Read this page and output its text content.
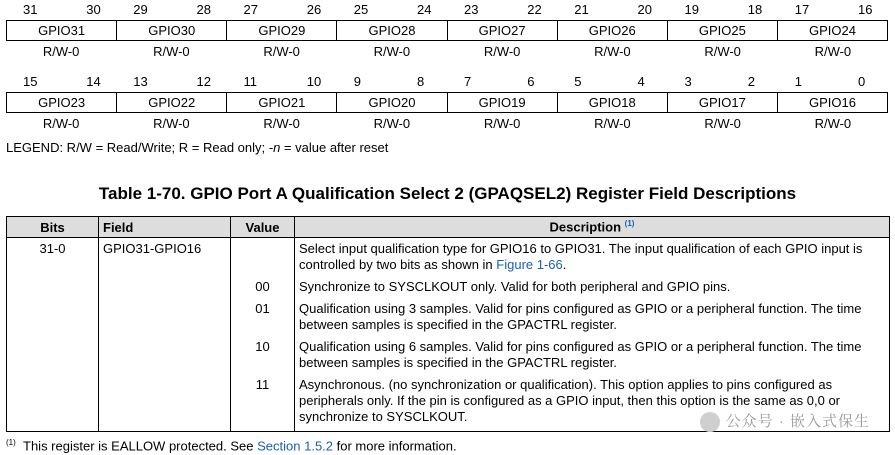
31	30	29	28	27	26	25	24	23	22	21	20	19	18	17	16
GPIO31	GPIO30	GPIO29	GPIO28	GPIO27	GPIO26	GPIO25	GPIO24
R/W-0	R/W-0	R/W-0	R/W-0	R/W-0	R/W-0	R/W-0	R/W-0
15	14	13	12	11	10	9	8	7	6	5	4	3	2	1	0
GPIO23	GPIO22	GPIO21	GPIO20	GPIO19	GPIO18	GPIO17	GPIO16
R/W-0	R/W-0	R/W-0	R/W-0	R/W-0	R/W-0	R/W-0	R/W-0
LEGEND: R/W = Read/Write; R = Read only; -n = value after reset
Table 1-70. GPIO Port A Qualification Select 2 (GPAQSEL2) Register Field Descriptions
Bits	Field	Value	Description $^{(1)}$
31-0	GPIO31-GPIO16		Select input qualification type for GPIO16 to GPIO31. The input qualification of each GPIO input is controlled by two bits as shown in Figure 1-66.
		00	Synchronize to SYSCLKOUT only. Valid for both peripheral and GPIO pins.
		01	Qualification using 3 samples. Valid for pins configured as GPIO or a peripheral function. The time between samples is specified in the GPACTRL register.
		10	Qualification using 6 samples. Valid for pins configured as GPIO or a peripheral function. The time between samples is specified in the GPACTRL register.
		11	Asynchronous. (no synchronization or qualification). This option applies to pins configured as peripherals only. If the pin is configured as a GPIO input, then this option is the same as 0,0 or synchronize to SYSCLKOUT.
$^{(1)}$ This register is EALLOW protected. See Section 1.5.2 for more information.
公众号 · 嵌入式保生
